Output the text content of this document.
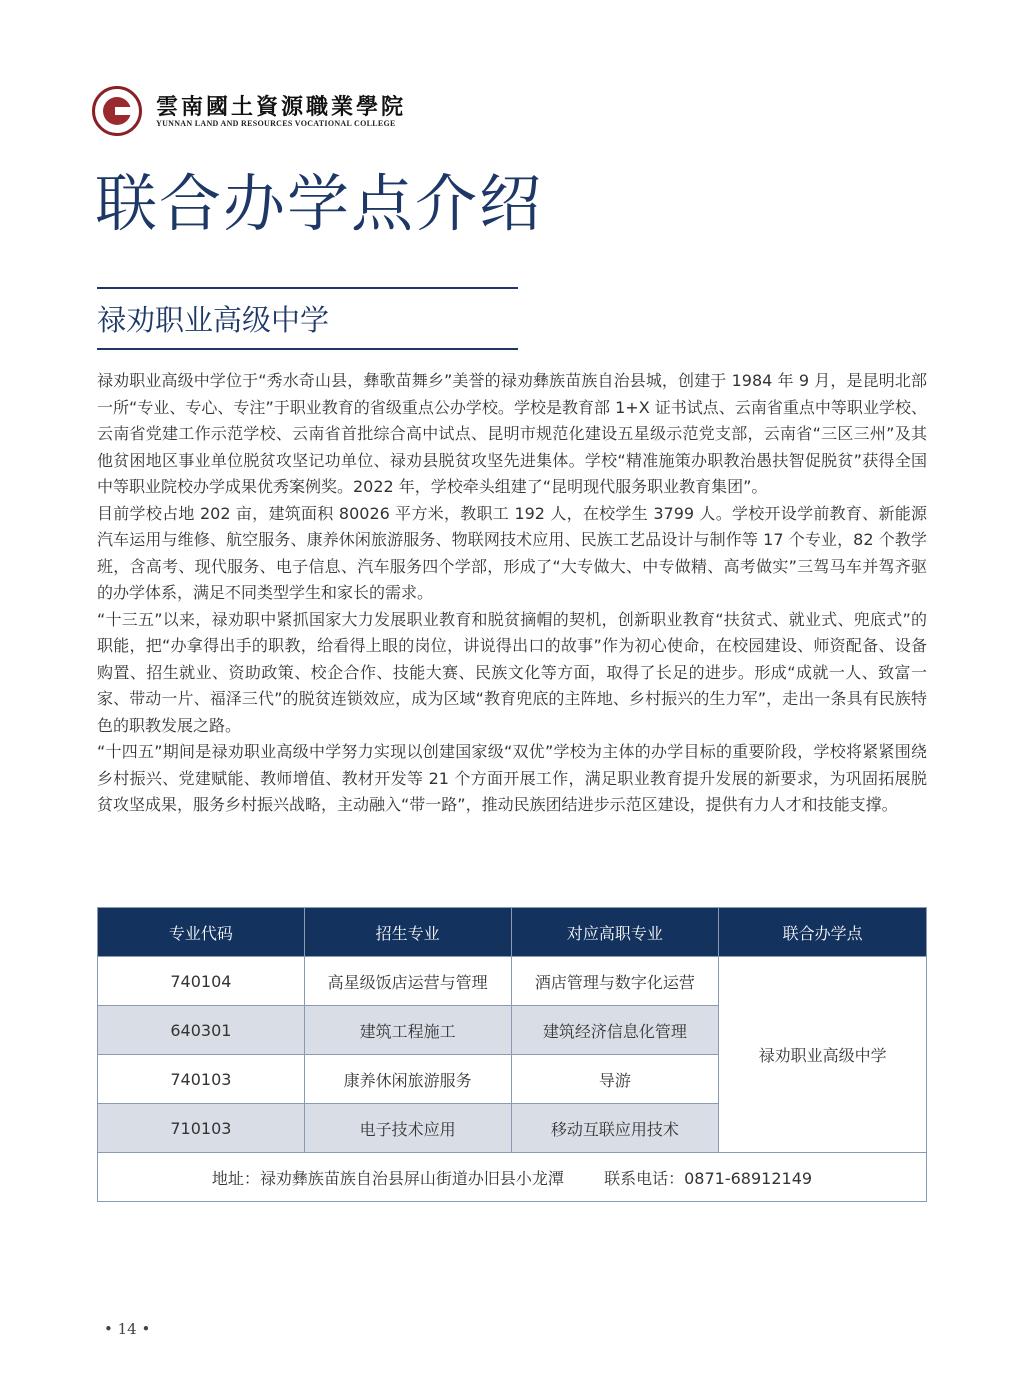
雲南國土資源職業學院
YUNNAN LAND AND RESOURCES VOCATIONAL COLLEGE
联合办学点介绍
禄劝职业高级中学

禄劝职业高级中学位于“秀水奇山县，彝歌苗舞乡”美誉的禄劝彝族苗族自治县城，创建于 1984 年 9 月，是昆明北部一所“专业、专心、专注”于职业教育的省级重点公办学校。学校是教育部 1+X 证书试点、云南省重点中等职业学校、云南省党建工作示范学校、云南省首批综合高中试点、昆明市规范化建设五星级示范党支部，云南省“三区三州”及其他贫困地区事业单位脱贫攻坚记功单位、禄劝县脱贫攻坚先进集体。学校“精准施策办职教治愚扶智促脱贫”获得全国中等职业院校办学成果优秀案例奖。2022 年，学校牵头组建了“昆明现代服务职业教育集团”。

目前学校占地 202 亩，建筑面积 80026 平方米，教职工 192 人，在校学生 3799 人。学校开设学前教育、新能源汽车运用与维修、航空服务、康养休闲旅游服务、物联网技术应用、民族工艺品设计与制作等 17 个专业，82 个教学班，含高考、现代服务、电子信息、汽车服务四个学部，形成了“大专做大、中专做精、高考做实”三驾马车并驾齐驱的办学体系，满足不同类型学生和家长的需求。

“十三五”以来，禄劝职中紧抓国家大力发展职业教育和脱贫摘帽的契机，创新职业教育“扶贫式、就业式、兜底式”的职能，把“办拿得出手的职教，给看得上眼的岗位，讲说得出口的故事”作为初心使命，在校园建设、师资配备、设备购置、招生就业、资助政策、校企合作、技能大赛、民族文化等方面，取得了长足的进步。形成“成就一人、致富一家、带动一片、福泽三代”的脱贫连锁效应，成为区域“教育兜底的主阵地、乡村振兴的生力军”，走出一条具有民族特色的职教发展之路。

“十四五”期间是禄劝职业高级中学努力实现以创建国家级“双优”学校为主体的办学目标的重要阶段，学校将紧紧围绕乡村振兴、党建赋能、教师增值、教材开发等 21 个方面开展工作，满足职业教育提升发展的新要求，为巩固拓展脱贫攻坚成果，服务乡村振兴战略，主动融入“带一路”，推动民族团结进步示范区建设，提供有力人才和技能支撑。

专业代码	招生专业	对应高职专业	联合办学点
740104	高星级饭店运营与管理	酒店管理与数字化运营	禄劝职业高级中学
640301	建筑工程施工	建筑经济信息化管理	
740103	康养休闲旅游服务	导游	
710103	电子技术应用	移动互联应用技术	
地址：禄劝彝族苗族自治县屏山街道办旧县小龙潭 联系电话：0871-68912149			
• 14 •
